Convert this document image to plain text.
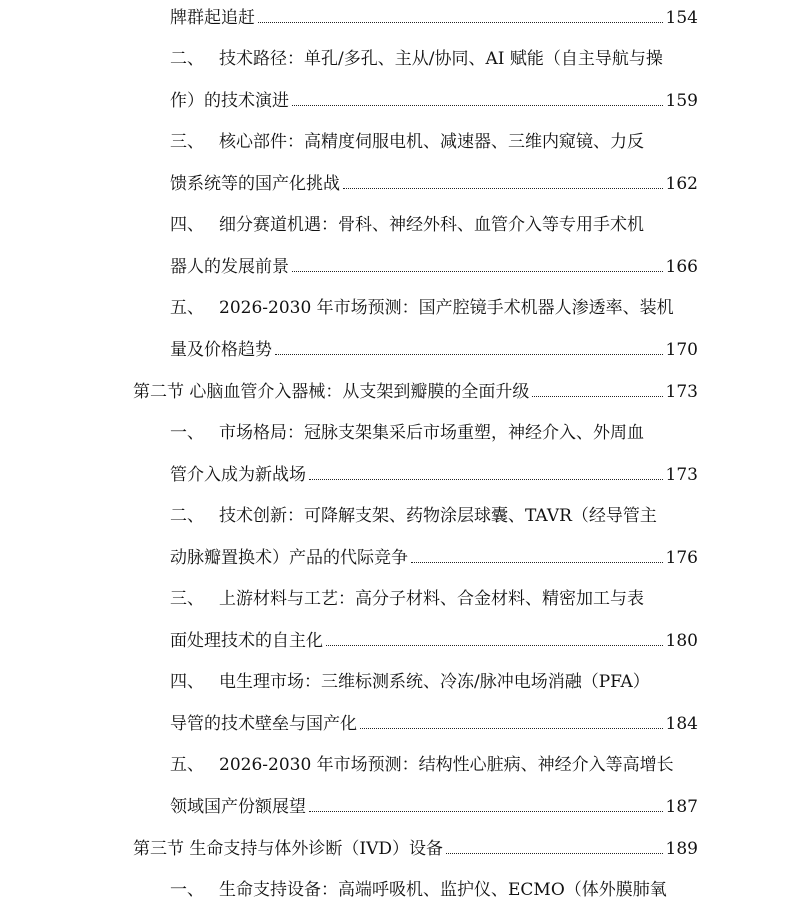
牌群起追赶	154
二、 技术路径：单孔/多孔、主从/协同、AI 赋能（自主导航与操
作）的技术演进	159
三、 核心部件：高精度伺服电机、减速器、三维内窥镜、力反
馈系统等的国产化挑战	162
四、 细分赛道机遇：骨科、神经外科、血管介入等专用手术机
器人的发展前景	166
五、 2026-2030 年市场预测：国产腔镜手术机器人渗透率、装机
量及价格趋势	170
第二节 心脑血管介入器械：从支架到瓣膜的全面升级	173
一、 市场格局：冠脉支架集采后市场重塑，神经介入、外周血
管介入成为新战场	173
二、 技术创新：可降解支架、药物涂层球囊、TAVR（经导管主
动脉瓣置换术）产品的代际竞争	176
三、 上游材料与工艺：高分子材料、合金材料、精密加工与表
面处理技术的自主化	180
四、 电生理市场：三维标测系统、冷冻/脉冲电场消融（PFA）
导管的技术壁垒与国产化	184
五、 2026-2030 年市场预测：结构性心脏病、神经介入等高增长
领域国产份额展望	187
第三节 生命支持与体外诊断（IVD）设备	189
一、 生命支持设备：高端呼吸机、监护仪、ECMO（体外膜肺氧
